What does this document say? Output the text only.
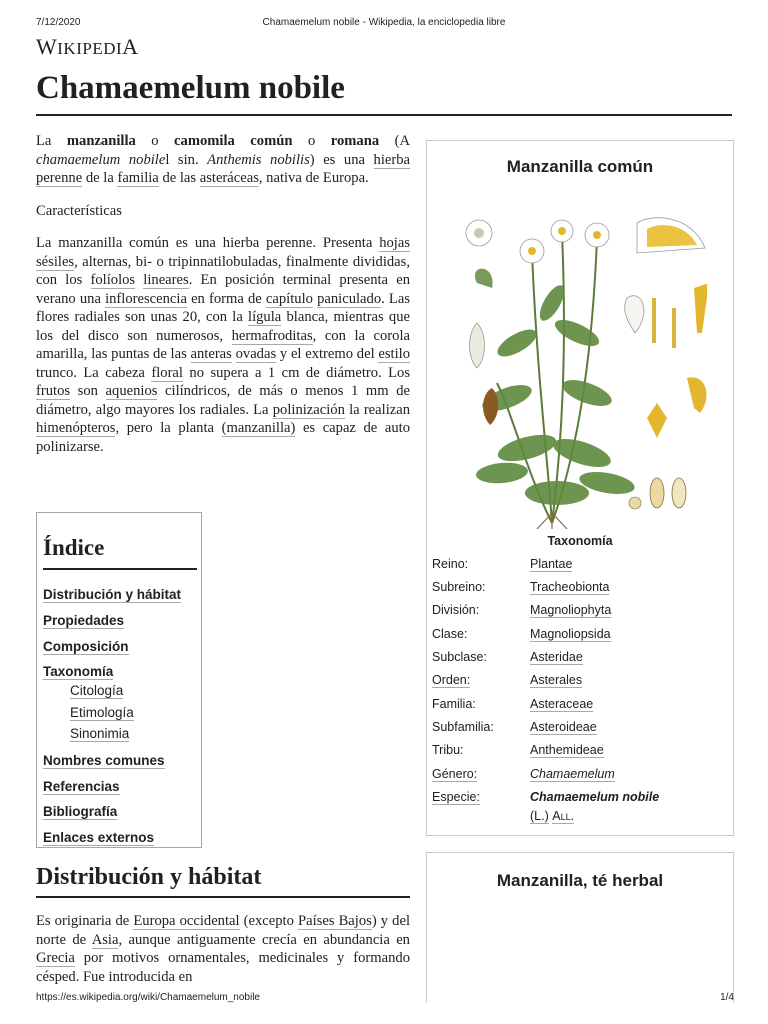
7/12/2020	Chamaemelum nobile - Wikipedia, la enciclopedia libre
WIKIPEDIA
Chamaemelum nobile

La manzanilla o camomila común o romana (A chamaemelum nobilel sin. Anthemis nobilis) es una hierba perenne de la familia de las asteráceas, nativa de Europa.

Características

La manzanilla común es una hierba perenne. Presenta hojas sésiles, alternas, bi- o tripinnatilobuladas, finalmente divididas, con los folíolos lineares. En posición terminal presenta en verano una inflorescencia en forma de capítulo paniculado. Las flores radiales son unas 20, con la lígula blanca, mientras que los del disco son numerosos, hermafroditas, con la corola amarilla, las puntas de las anteras ovadas y el extremo del estilo trunco. La cabeza floral no supera a 1 cm de diámetro. Los frutos son aquenios cilíndricos, de más o menos 1 mm de diámetro, algo mayores los radiales. La polinización la realizan himenópteros, pero la planta (manzanilla) es capaz de auto polinizarse.

Índice
Distribución y hábitat
Propiedades
Composición
Taxonomía
Citología
Etimología
Sinonimia
Nombres comunes
Referencias
Bibliografía
Enlaces externos
Distribución y hábitat
Es originaria de Europa occidental (excepto Países Bajos) y del norte de Asia, aunque antiguamente crecía en abundancia en Grecia por motivos ornamentales, medicinales y formando césped. Fue introducida en
Manzanilla común
Taxonomía
Reino:	Plantae
Subreino:	Tracheobionta
División:	Magnoliophyta
Clase:	Magnoliopsida
Subclase:	Asteridae
Orden:	Asterales
Familia:	Asteraceae
Subfamilia:	Asteroideae
Tribu:	Anthemideae
Género:	Chamaemelum
Especie:	Chamaemelum nobile
(L.) All.
Manzanilla, té herbal
https://es.wikipedia.org/wiki/Chamaemelum_nobile	1/4
